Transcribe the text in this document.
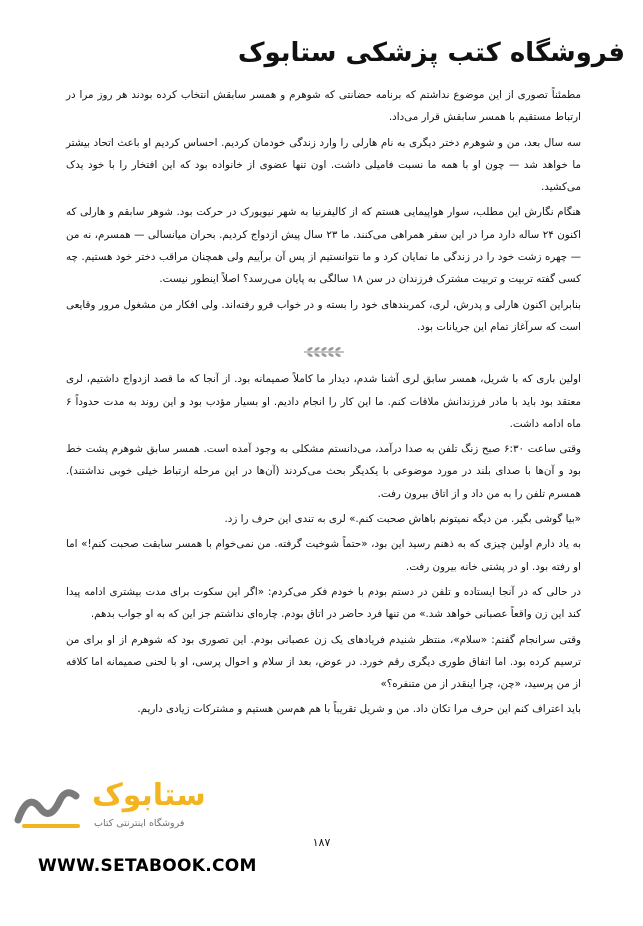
فروشگاه کتب پزشکی ستابوک

مطمئناً تصوری از این موضوع نداشتم که برنامه حضانتی که شوهرم و همسر سابقش انتخاب کرده بودند هر روز مرا در ارتباط مستقیم با همسر سابقش قرار می‌داد.

سه سال بعد، من و شوهرم دختر دیگری به نام هارلی را وارد زندگی خودمان کردیم. احساس کردیم او باعث اتحاد بیشتر ما خواهد شد — چون او با همه ما نسبت فامیلی داشت. اون تنها عضوی از خانواده بود که این افتخار را با خود یدک می‌کشید.

هنگام نگارش این مطلب، سوار هواپیمایی هستم که از کالیفرنیا به شهر نیویورک در حرکت بود. شوهر سابقم و هارلی که اکنون ۲۴ ساله دارد مرا در این سفر همراهی می‌کنند. ما ۲۳ سال پیش ازدواج کردیم. بحران میانسالی — همسرم، نه من — چهره زشت خود را در زندگی ما نمایان کرد و ما نتوانستیم از پس آن برآییم ولی همچنان مراقب دختر خود هستیم. چه کسی گفته تربیت و تربیت مشترک فرزندان در سن ۱۸ سالگی به پایان می‌رسد؟ اصلاً اینطور نیست.

بنابراین اکنون هارلی و پدرش، لری، کمربندهای خود را بسته و در خواب فرو رفته‌اند. ولی افکار من مشغول مرور وقایعی است که سرآغاز تمام این جریانات بود.

اولین باری که با شریل، همسر سابق لری آشنا شدم، دیدار ما کاملاً صمیمانه بود. از آنجا که ما قصد ازدواج داشتیم، لری معتقد بود باید با مادر فرزندانش ملاقات کنم. ما این کار را انجام دادیم. او بسیار مؤدب بود و این روند به مدت حدوداً ۶ ماه ادامه داشت.

وقتی ساعت ۶:۳۰ صبح زنگ تلفن به صدا درآمد، می‌دانستم مشکلی به وجود آمده است. همسر سابق شوهرم پشت خط بود و آن‌ها با صدای بلند در مورد موضوعی با یکدیگر بحث می‌کردند (آن‌ها در این مرحله ارتباط خیلی خوبی نداشتند). همسرم تلفن را به من داد و از اتاق بیرون رفت.

«بیا گوشی بگیر. من دیگه نمیتونم باهاش صحبت کنم.» لری به تندی این حرف را زد.

به یاد دارم اولین چیزی که به ذهنم رسید این بود، «حتماً شوخیت گرفته. من نمی‌خوام با همسر سابقت صحبت کنم!» اما او رفته بود. او در پشتی خانه بیرون رفت.

در حالی که در آنجا ایستاده و تلفن در دستم بودم با خودم فکر می‌کردم: «اگر این سکوت برای مدت بیشتری ادامه پیدا کند این زن واقعاً عصبانی خواهد شد.» من تنها فرد حاضر در اتاق بودم. چاره‌ای نداشتم جز این که به او جواب بدهم.

وقتی سرانجام گفتم: «سلام»، منتظر شنیدم فریادهای یک زن عصبانی بودم. این تصوری بود که شوهرم از او برای من ترسیم کرده بود. اما اتفاق طوری دیگری رقم خورد. در عوض، بعد از سلام و احوال پرسی، او با لحنی صمیمانه اما کلافه از من پرسید، «چن، چرا اینقدر از من متنفره؟»

باید اعتراف کنم این حرف مرا تکان داد. من و شریل تقریباً با هم هم‌سن هستیم و مشترکات زیادی داریم.

ستابوک
فروشگاه اینترنتی کتاب
۱۸۷
WWW.SETABOOK.COM
